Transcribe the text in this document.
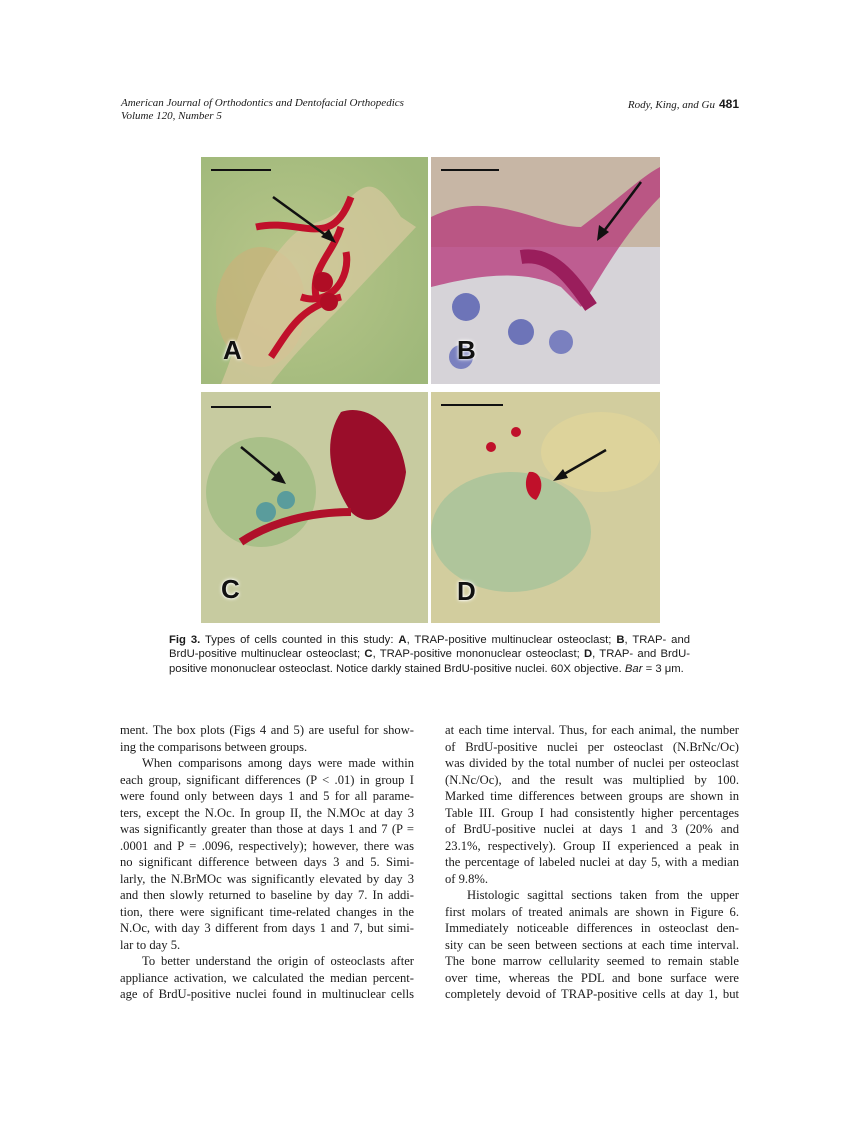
American Journal of Orthodontics and Dentofacial Orthopedics
Volume 120, Number 5
Rody, King, and Gu 481
A	B
C	D
Fig 3. Types of cells counted in this study: A, TRAP-positive multinuclear osteoclast; B, TRAP- and BrdU-positive multinuclear osteoclast; C, TRAP-positive mononuclear osteoclast; D, TRAP- and BrdU-positive mononuclear osteoclast. Notice darkly stained BrdU-positive nuclei. 60X objective. Bar = 3 μm.
ment. The box plots (Figs 4 and 5) are useful for show-
ing the comparisons between groups.
When comparisons among days were made within
each group, significant differences (P < .01) in group I
were found only between days 1 and 5 for all parame-
ters, except the N.Oc. In group II, the N.MOc at day 3
was significantly greater than those at days 1 and 7 (P =
.0001 and P = .0096, respectively); however, there was
no significant difference between days 3 and 5. Simi-
larly, the N.BrMOc was significantly elevated by day 3
and then slowly returned to baseline by day 7. In addi-
tion, there were significant time-related changes in the
N.Oc, with day 3 different from days 1 and 7, but simi-
lar to day 5.
To better understand the origin of osteoclasts after
appliance activation, we calculated the median percent-
age of BrdU-positive nuclei found in multinuclear cells
at each time interval. Thus, for each animal, the number
of BrdU-positive nuclei per osteoclast (N.BrNc/Oc)
was divided by the total number of nuclei per osteoclast
(N.Nc/Oc), and the result was multiplied by 100.
Marked time differences between groups are shown in
Table III. Group I had consistently higher percentages
of BrdU-positive nuclei at days 1 and 3 (20% and
23.1%, respectively). Group II experienced a peak in
the percentage of labeled nuclei at day 5, with a median
of 9.8%.
Histologic sagittal sections taken from the upper
first molars of treated animals are shown in Figure 6.
Immediately noticeable differences in osteoclast den-
sity can be seen between sections at each time interval.
The bone marrow cellularity seemed to remain stable
over time, whereas the PDL and bone surface were
completely devoid of TRAP-positive cells at day 1, but
